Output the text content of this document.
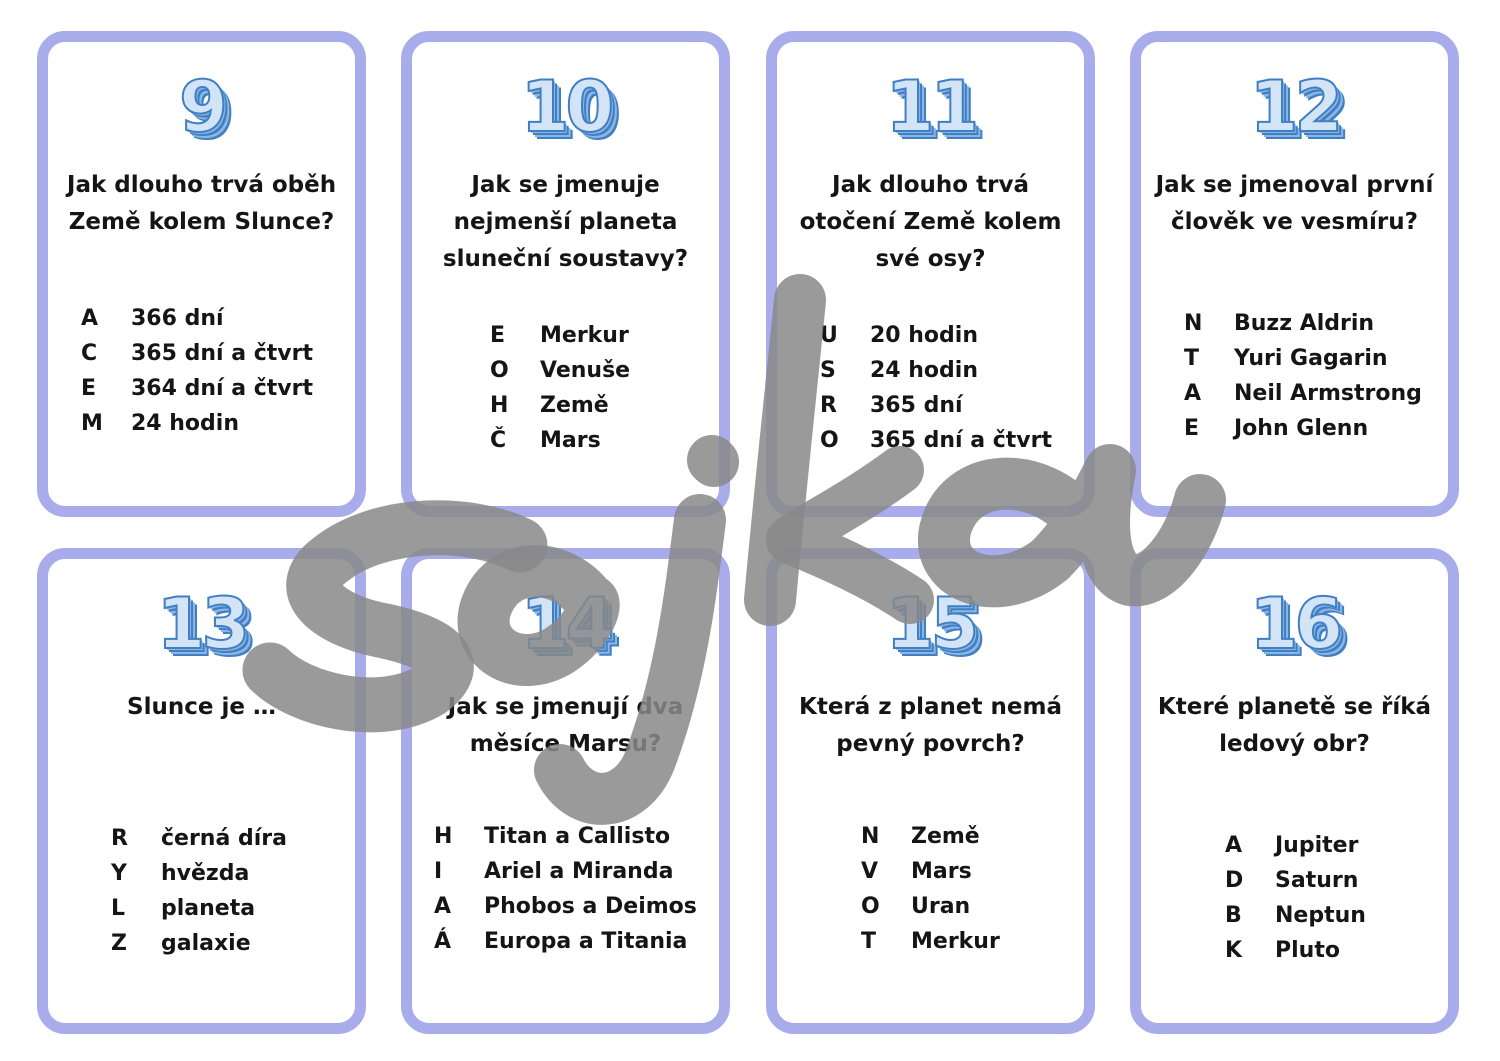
9
Jak dlouho trvá oběh Země kolem Slunce?
A 366 dní
C 365 dní a čtvrt
E 364 dní a čtvrt
M 24 hodin
10
Jak se jmenuje nejmenší planeta sluneční soustavy?
E Merkur
O Venuše
H Země
Č Mars
11
Jak dlouho trvá otočení Země kolem své osy?
U 20 hodin
S 24 hodin
R 365 dní
O 365 dní a čtvrt
12
Jak se jmenoval první člověk ve vesmíru?
N Buzz Aldrin
T Yuri Gagarin
A Neil Armstrong
E John Glenn
13
Slunce je …
R černá díra
Y hvězda
L planeta
Z galaxie
14
Jak se jmenují dva měsíce Marsu?
H Titan a Callisto
I Ariel a Miranda
A Phobos a Deimos
Á Europa a Titania
15
Která z planet nemá pevný povrch?
N Země
V Mars
O Uran
T Merkur
16
Které planetě se říká ledový obr?
A Jupiter
D Saturn
B Neptun
K Pluto
